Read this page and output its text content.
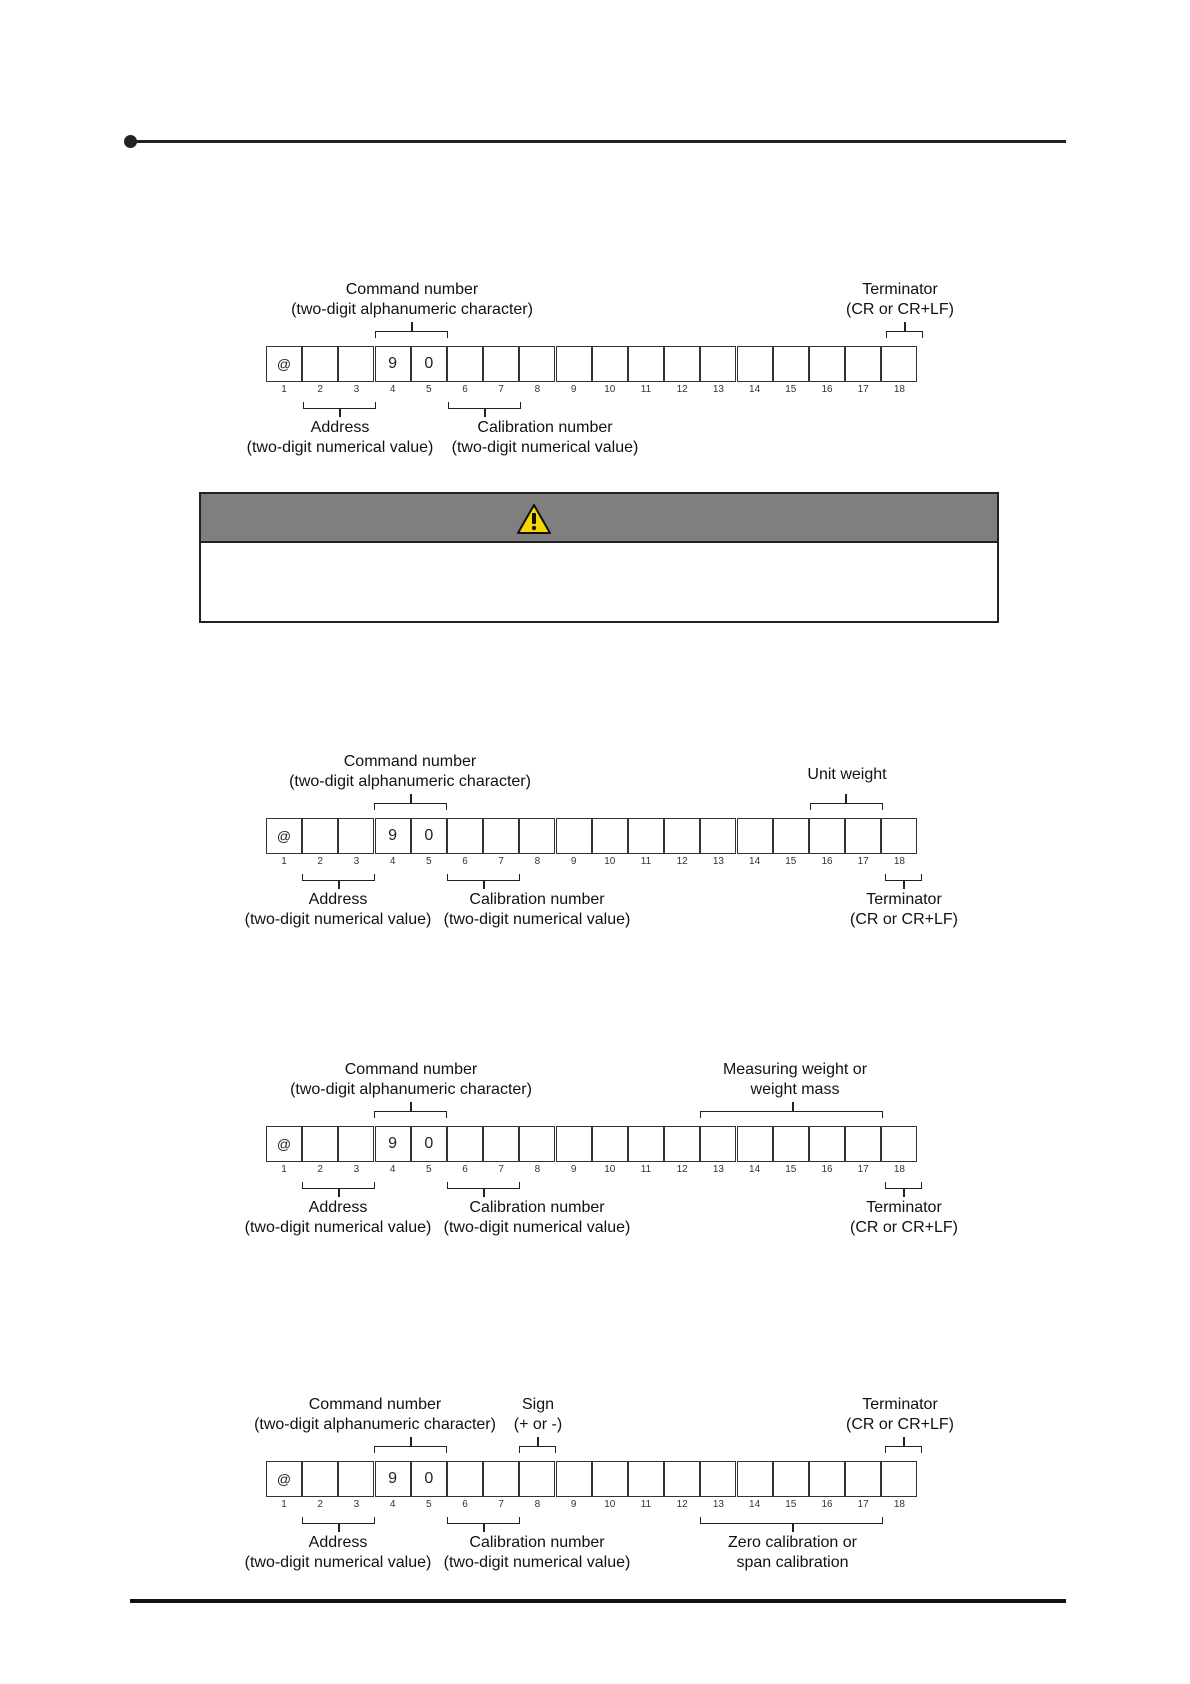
Command number
(two-digit alphanumeric character)
Terminator
(CR or CR+LF)
Address
(two-digit numerical value)
Calibration number
(two-digit numerical value)
@
1	2	3
9
4
0
5	6	7	8	9	10	11	12	13	14	15	16	17	18
Command number
(two-digit alphanumeric character)	Unit weight
Address
(two-digit numerical value)
Calibration number
(two-digit numerical value)
Terminator
(CR or CR+LF)
@
1	2	3
9
4
0
5	6	7	8	9	10	11	12	13	14	15	16	17	18
Command number
(two-digit alphanumeric character)
Measuring weight or
weight mass
Address
(two-digit numerical value)
Calibration number
(two-digit numerical value)
Terminator
(CR or CR+LF)
@
1	2	3
9
4
0
5	6	7	8	9	10	11	12	13	14	15	16	17	18
Command number
(two-digit alphanumeric character)
Sign
(+ or -)
Terminator
(CR or CR+LF)
Address
(two-digit numerical value)
Calibration number
(two-digit numerical value)
Zero calibration or
span calibration
@
1	2	3
9
4
0
5	6	7	8	9	10	11	12	13	14	15	16	17	18
